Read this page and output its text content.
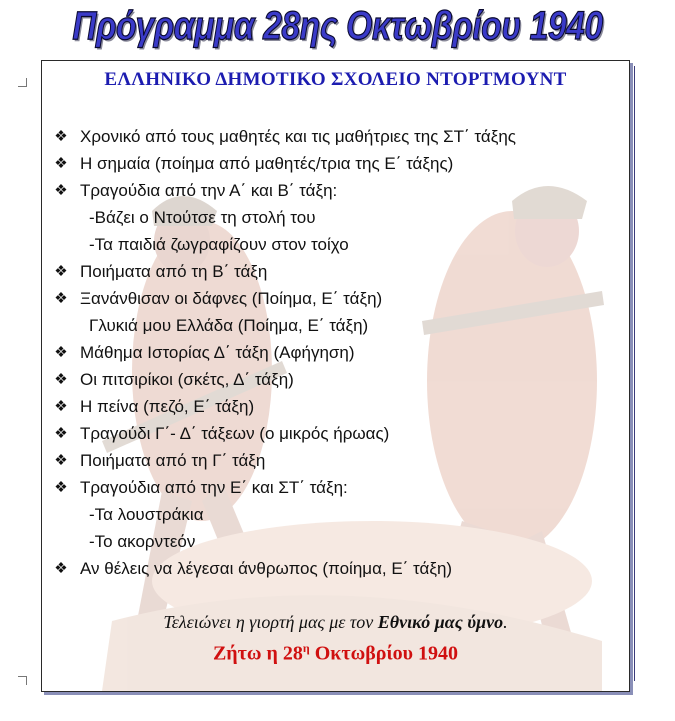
Πρόγραμμα 28ης Οκτωβρίου 1940
ΕΛΛΗΝΙΚΟ ΔΗΜΟΤΙΚΟ ΣΧΟΛΕΙΟ ΝΤΟΡΤΜΟΥΝΤ
❖ Χρονικό από τους μαθητές και τις μαθήτριες της ΣΤ΄ τάξης
❖ Η σημαία (ποίημα από μαθητές/τρια της Ε΄ τάξης)
❖ Τραγούδια από την Α΄ και Β΄ τάξη:
-Βάζει ο Ντoύτσε τη στολή του
-Τα παιδιά ζωγραφίζουν στον τοίχο
❖ Ποιήματα από τη Β΄ τάξη
❖ Ξανάνθισαν οι δάφνες (Ποίημα, Ε΄ τάξη)
Γλυκιά μου Ελλάδα (Ποίημα, Ε΄ τάξη)
❖ Μάθημα Ιστορίας Δ΄ τάξη (Αφήγηση)
❖ Οι πιτσιρίκοι (σκέτς, Δ΄ τάξη)
❖ Η πείνα (πεζό, Ε΄ τάξη)
❖ Τραγούδι Γ΄- Δ΄ τάξεων (ο μικρός ήρωας)
❖ Ποιήματα από τη Γ΄ τάξη
❖ Τραγούδια από την Ε΄ και ΣΤ΄ τάξη:
-Τα λουστράκια
-Το ακορντεόν
❖ Αν θέλεις να λέγεσαι άνθρωπος (ποίημα, Ε΄ τάξη)
Τελειώνει η γιορτή μας με τον Εθνικό μας ύμνο.
Ζήτω η $28^\eta$ Οκτωβρίου 1940
